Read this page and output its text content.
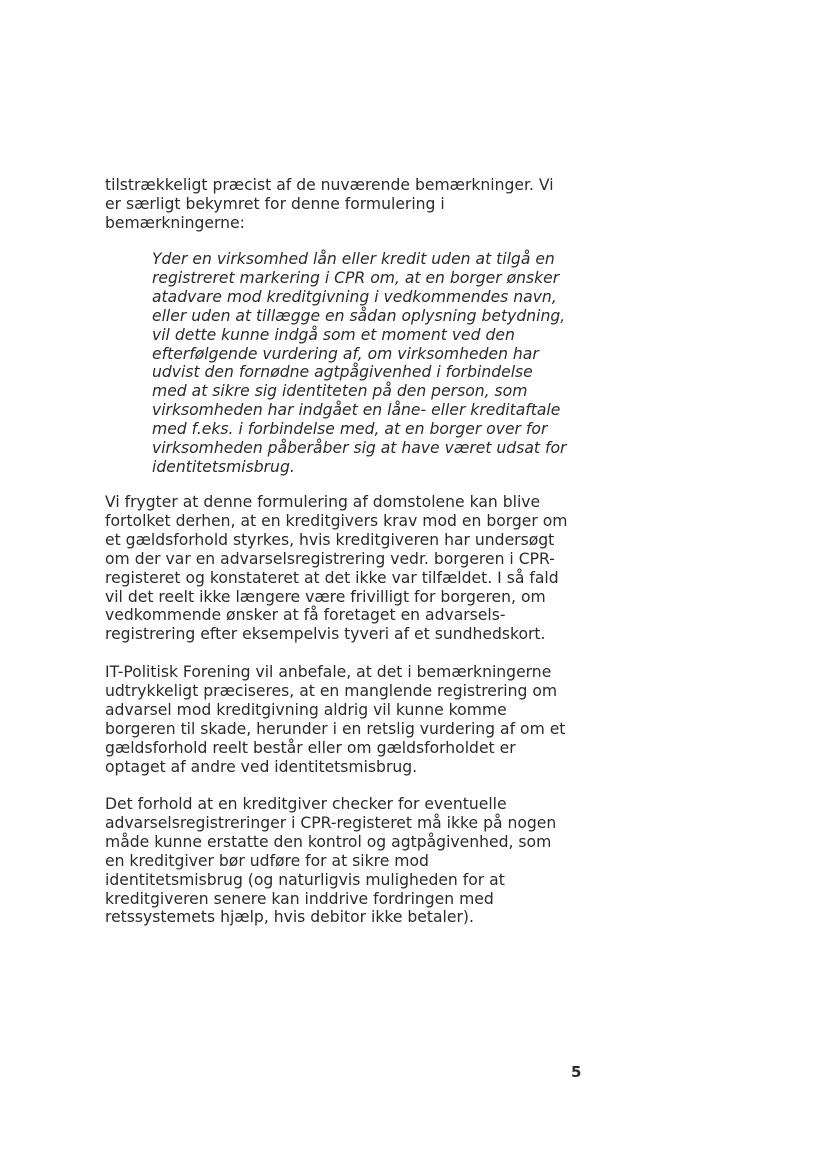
tilstrækkeligt præcist af de nuværende bemærkninger. Vi
er særligt bekymret for denne formulering i
bemærkningerne:
Yder en virksomhed lån eller kredit uden at tilgå en
registreret markering i CPR om, at en borger ønsker
atadvare mod kreditgivning i vedkommendes navn,
eller uden at tillægge en sådan oplysning betydning,
vil dette kunne indgå som et moment ved den
efterfølgende vurdering af, om virksomheden har
udvist den fornødne agtpågivenhed i forbindelse
med at sikre sig identiteten på den person, som
virksomheden har indgået en låne- eller kreditaftale
med f.eks. i forbindelse med, at en borger over for
virksomheden påberåber sig at have været udsat for
identitetsmisbrug.
Vi frygter at denne formulering af domstolene kan blive
fortolket derhen, at en kreditgivers krav mod en borger om
et gældsforhold styrkes, hvis kreditgiveren har undersøgt
om der var en advarselsregistrering vedr. borgeren i CPR-
registeret og konstateret at det ikke var tilfældet. I så fald
vil det reelt ikke længere være frivilligt for borgeren, om
vedkommende ønsker at få foretaget en advarsels-
registrering efter eksempelvis tyveri af et sundhedskort.
IT-Politisk Forening vil anbefale, at det i bemærkningerne
udtrykkeligt præciseres, at en manglende registrering om
advarsel mod kreditgivning aldrig vil kunne komme
borgeren til skade, herunder i en retslig vurdering af om et
gældsforhold reelt består eller om gældsforholdet er
optaget af andre ved identitetsmisbrug.
Det forhold at en kreditgiver checker for eventuelle
advarselsregistreringer i CPR-registeret må ikke på nogen
måde kunne erstatte den kontrol og agtpågivenhed, som
en kreditgiver bør udføre for at sikre mod
identitetsmisbrug (og naturligvis muligheden for at
kreditgiveren senere kan inddrive fordringen med
retssystemets hjælp, hvis debitor ikke betaler).
5
